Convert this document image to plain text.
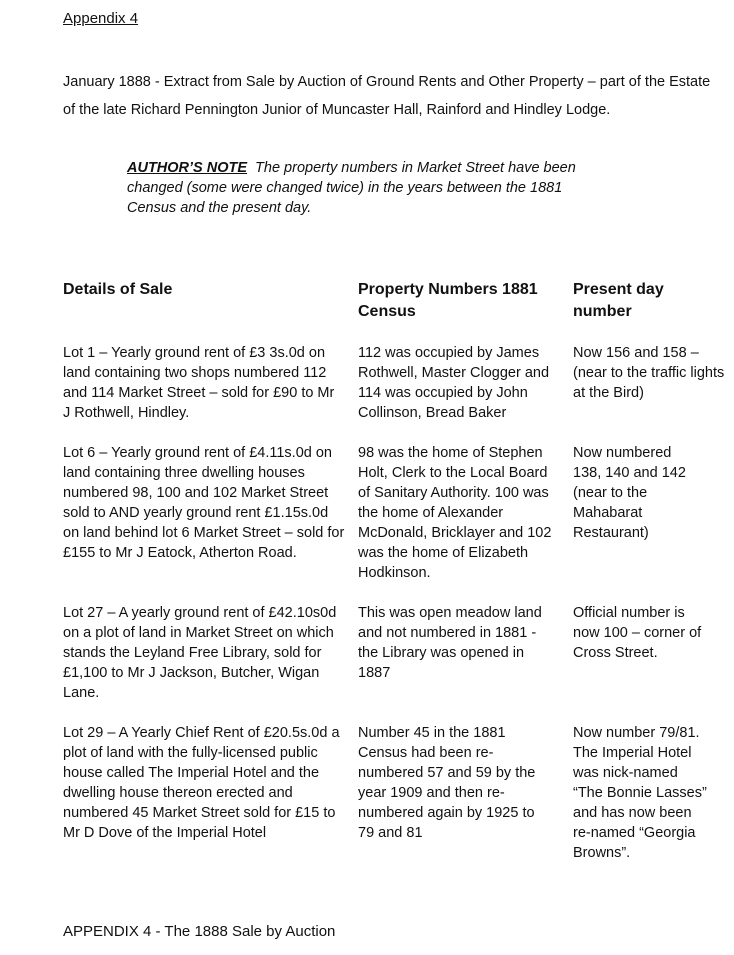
Appendix 4
January 1888 - Extract from Sale by Auction of Ground Rents and Other Property – part of the Estate of the late Richard Pennington Junior of Muncaster Hall, Rainford and Hindley Lodge.
AUTHOR’S NOTE The property numbers in Market Street have been changed (some were changed twice) in the years between the 1881 Census and the present day.
Details of Sale	Property Numbers 1881 Census
Present day number
Lot 1 – Yearly ground rent of £3 3s.0d on land containing two shops numbered 112 and 114 Market Street – sold for £90 to Mr J Rothwell, Hindley.
112 was occupied by James Rothwell, Master Clogger and 114 was occupied by John Collinson, Bread Baker
Now 156 and 158 – (near to the traffic lights at the Bird)
Lot 6 – Yearly ground rent of £4.11s.0d on land containing three dwelling houses numbered 98, 100 and 102 Market Street sold to AND yearly ground rent £1.15s.0d on land behind lot 6 Market Street – sold for £155 to Mr J Eatock, Atherton Road.
98 was the home of Stephen Holt, Clerk to the Local Board of Sanitary Authority. 100 was the home of Alexander McDonald, Bricklayer and 102 was the home of Elizabeth Hodkinson.
Now numbered 138, 140 and 142 (near to the Mahabarat Restaurant)
Lot 27 – A yearly ground rent of £42.10s0d on a plot of land in Market Street on which stands the Leyland Free Library, sold for £1,100 to Mr J Jackson, Butcher, Wigan Lane.
This was open meadow land and not numbered in 1881 - the Library was opened in 1887
Official number is now 100 – corner of Cross Street.
Lot 29 – A Yearly Chief Rent of £20.5s.0d a plot of land with the fully-licensed public house called The Imperial Hotel and the dwelling house thereon erected and numbered 45 Market Street sold for £15 to Mr D Dove of the Imperial Hotel
Number 45 in the 1881 Census had been re-numbered 57 and 59 by the year 1909 and then re-numbered again by 1925 to 79 and 81
Now number 79/81. The Imperial Hotel was nick-named “The Bonnie Lasses” and has now been re-named “Georgia Browns”.
APPENDIX 4 - The 1888 Sale by Auction
